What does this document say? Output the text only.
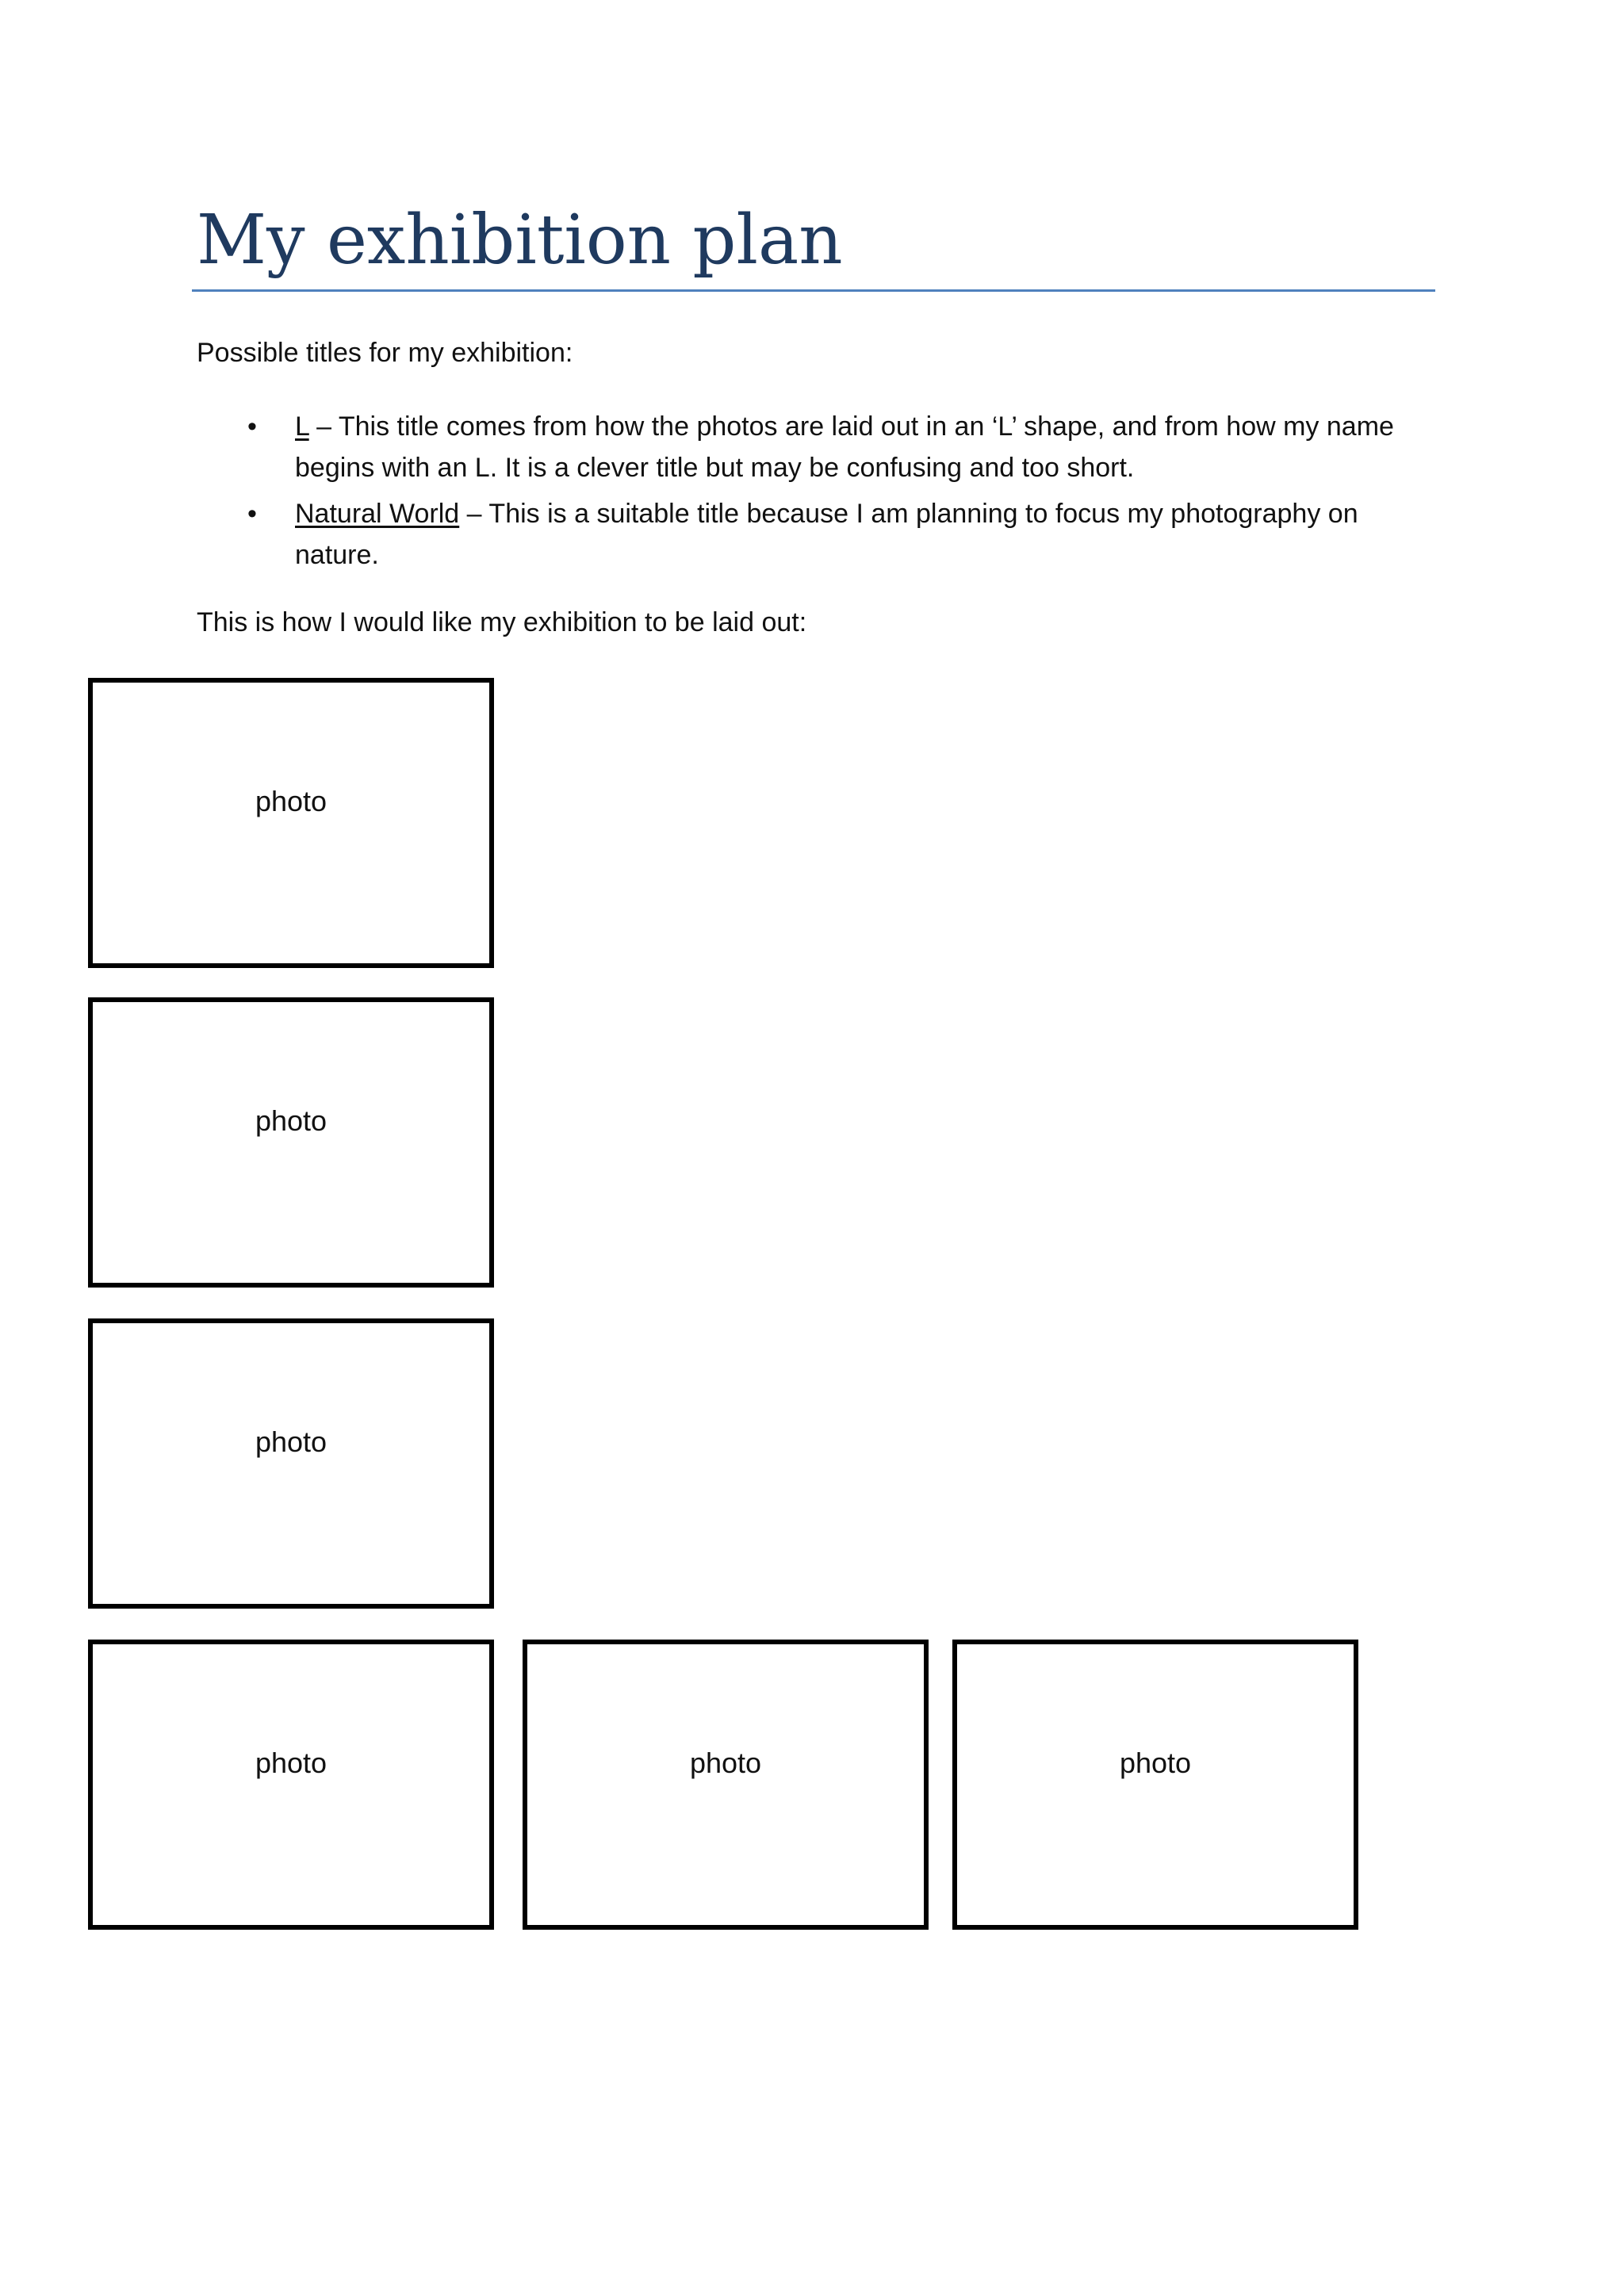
My exhibition plan

Possible titles for my exhibition:

• L – This title comes from how the photos are laid out in an ‘L’ shape, and from how my name begins with an L. It is a clever title but may be confusing and too short.
• Natural World – This is a suitable title because I am planning to focus my photography on nature.

This is how I would like my exhibition to be laid out:

photo
photo
photo
photo	photo	photo
